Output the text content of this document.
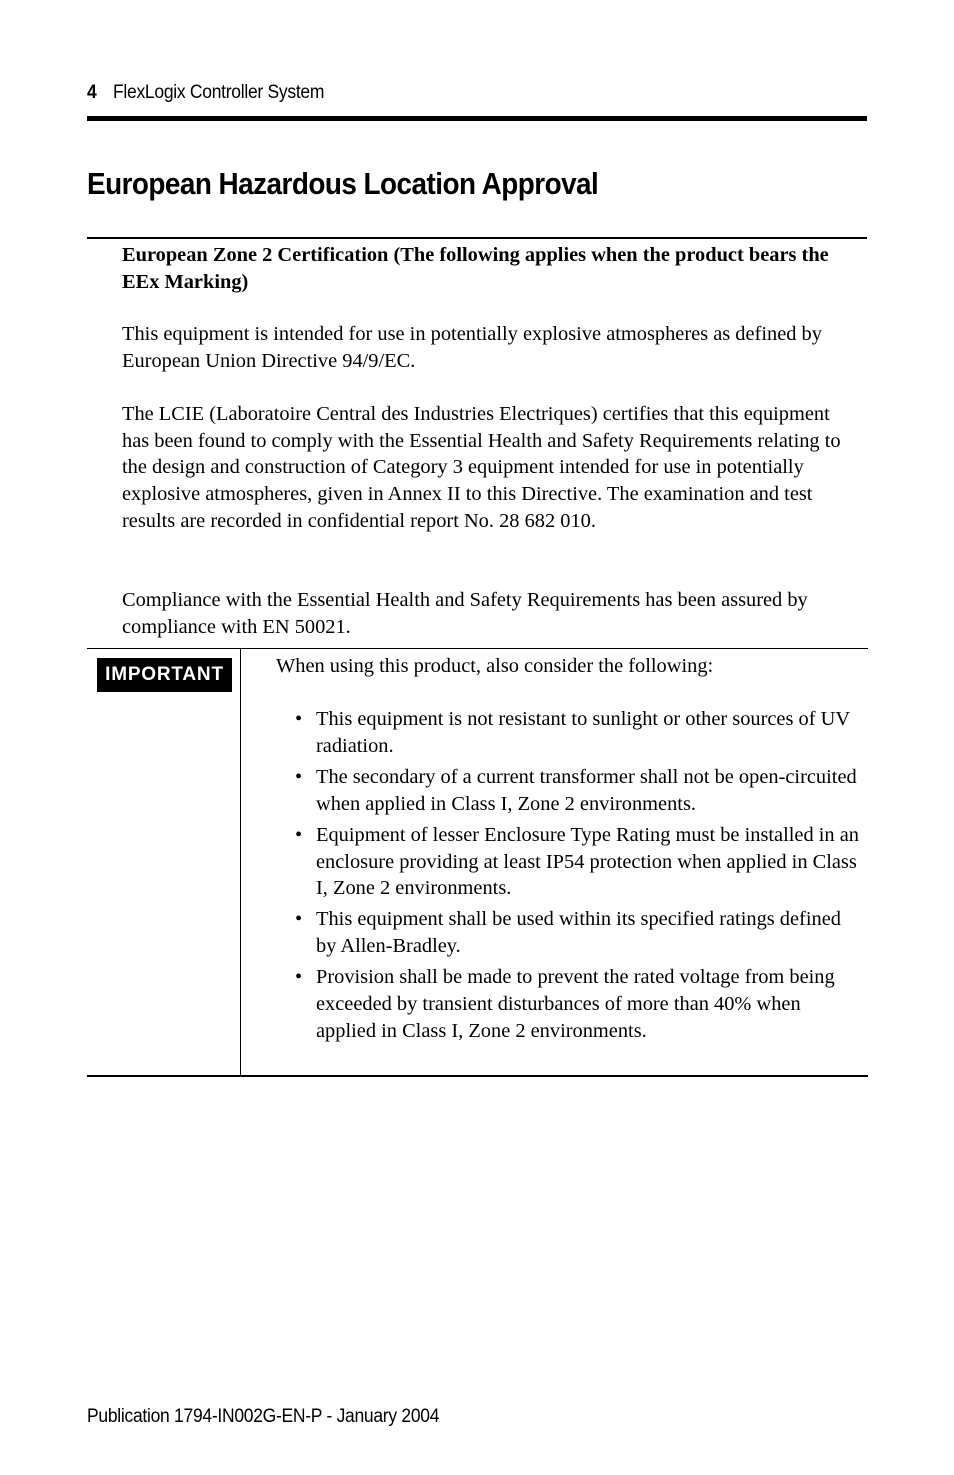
4 FlexLogix Controller System
European Hazardous Location Approval

European Zone 2 Certification (The following applies when the product bears the EEx Marking)

This equipment is intended for use in potentially explosive atmospheres as defined by European Union Directive 94/9/EC.

The LCIE (Laboratoire Central des Industries Electriques) certifies that this equipment has been found to comply with the Essential Health and Safety Requirements relating to the design and construction of Category 3 equipment intended for use in potentially explosive atmospheres, given in Annex II to this Directive. The examination and test results are recorded in confidential report No. 28 682 010.

Compliance with the Essential Health and Safety Requirements has been assured by compliance with EN 50021.

IMPORTANT	When using this product, also consider the following:

• This equipment is not resistant to sunlight or other sources of UV radiation.
• The secondary of a current transformer shall not be open-circuited when applied in Class I, Zone 2 environments.
• Equipment of lesser Enclosure Type Rating must be installed in an enclosure providing at least IP54 protection when applied in Class I, Zone 2 environments.
• This equipment shall be used within its specified ratings defined by Allen-Bradley.
• Provision shall be made to prevent the rated voltage from being exceeded by transient disturbances of more than 40% when applied in Class I, Zone 2 environments.
Publication 1794-IN002G-EN-P - January 2004
